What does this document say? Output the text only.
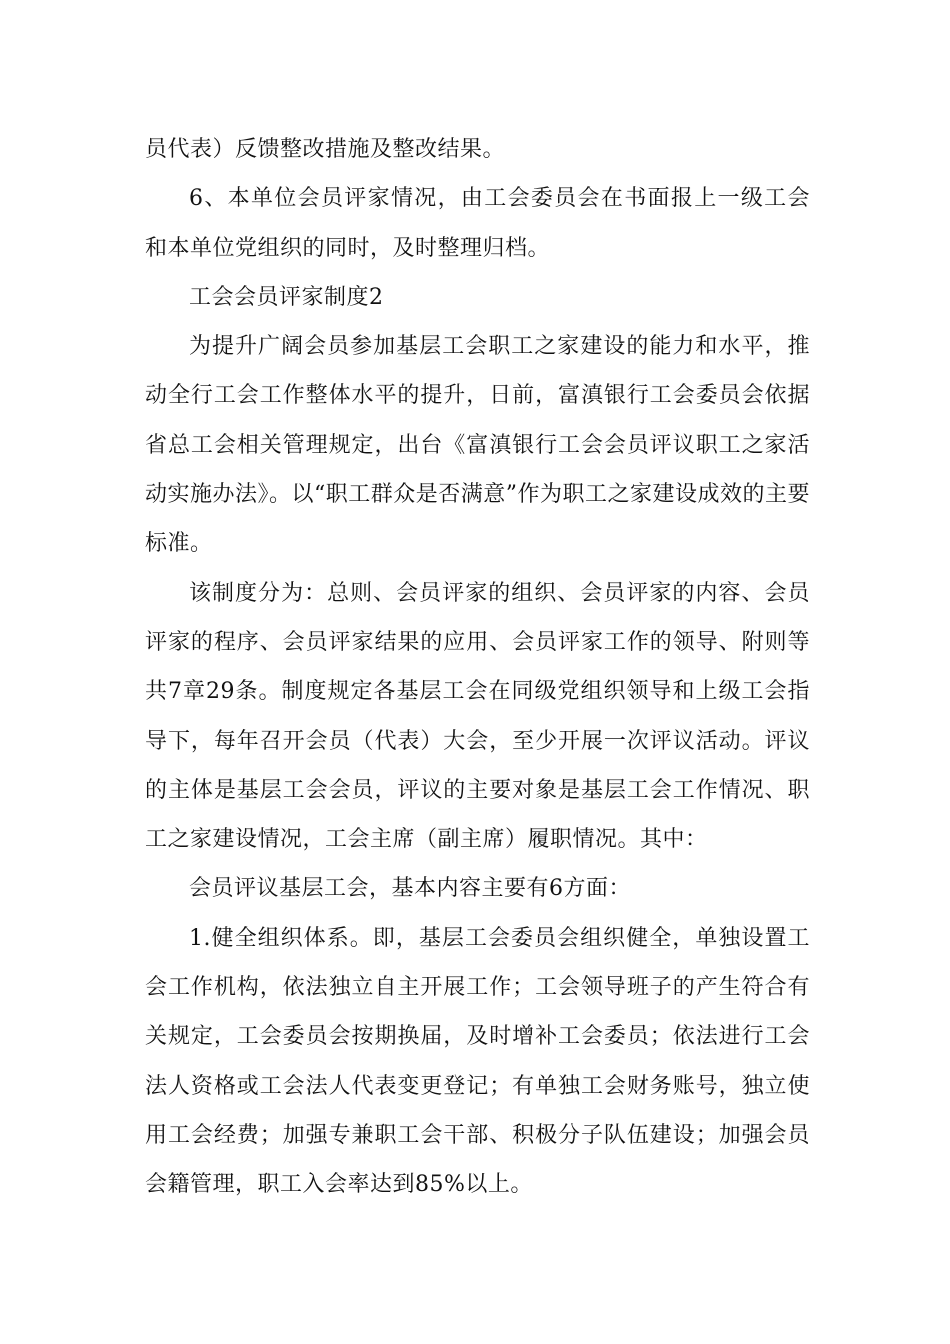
员代表）反馈整改措施及整改结果。

6、本单位会员评家情况，由工会委员会在书面报上一级工会和本单位党组织的同时，及时整理归档。

工会会员评家制度2

为提升广阔会员参加基层工会职工之家建设的能力和水平，推动全行工会工作整体水平的提升，日前，富滇银行工会委员会依据省总工会相关管理规定，出台《富滇银行工会会员评议职工之家活动实施办法》。以“职工群众是否满意”作为职工之家建设成效的主要标准。

该制度分为：总则、会员评家的组织、会员评家的内容、会员评家的程序、会员评家结果的应用、会员评家工作的领导、附则等共7章29条。制度规定各基层工会在同级党组织领导和上级工会指导下，每年召开会员（代表）大会，至少开展一次评议活动。评议的主体是基层工会会员，评议的主要对象是基层工会工作情况、职工之家建设情况，工会主席（副主席）履职情况。其中：

会员评议基层工会，基本内容主要有6方面：

1.健全组织体系。即，基层工会委员会组织健全，单独设置工会工作机构，依法独立自主开展工作；工会领导班子的产生符合有关规定，工会委员会按期换届，及时增补工会委员；依法进行工会法人资格或工会法人代表变更登记；有单独工会财务账号，独立使用工会经费；加强专兼职工会干部、积极分子队伍建设；加强会员会籍管理，职工入会率达到85%以上。
